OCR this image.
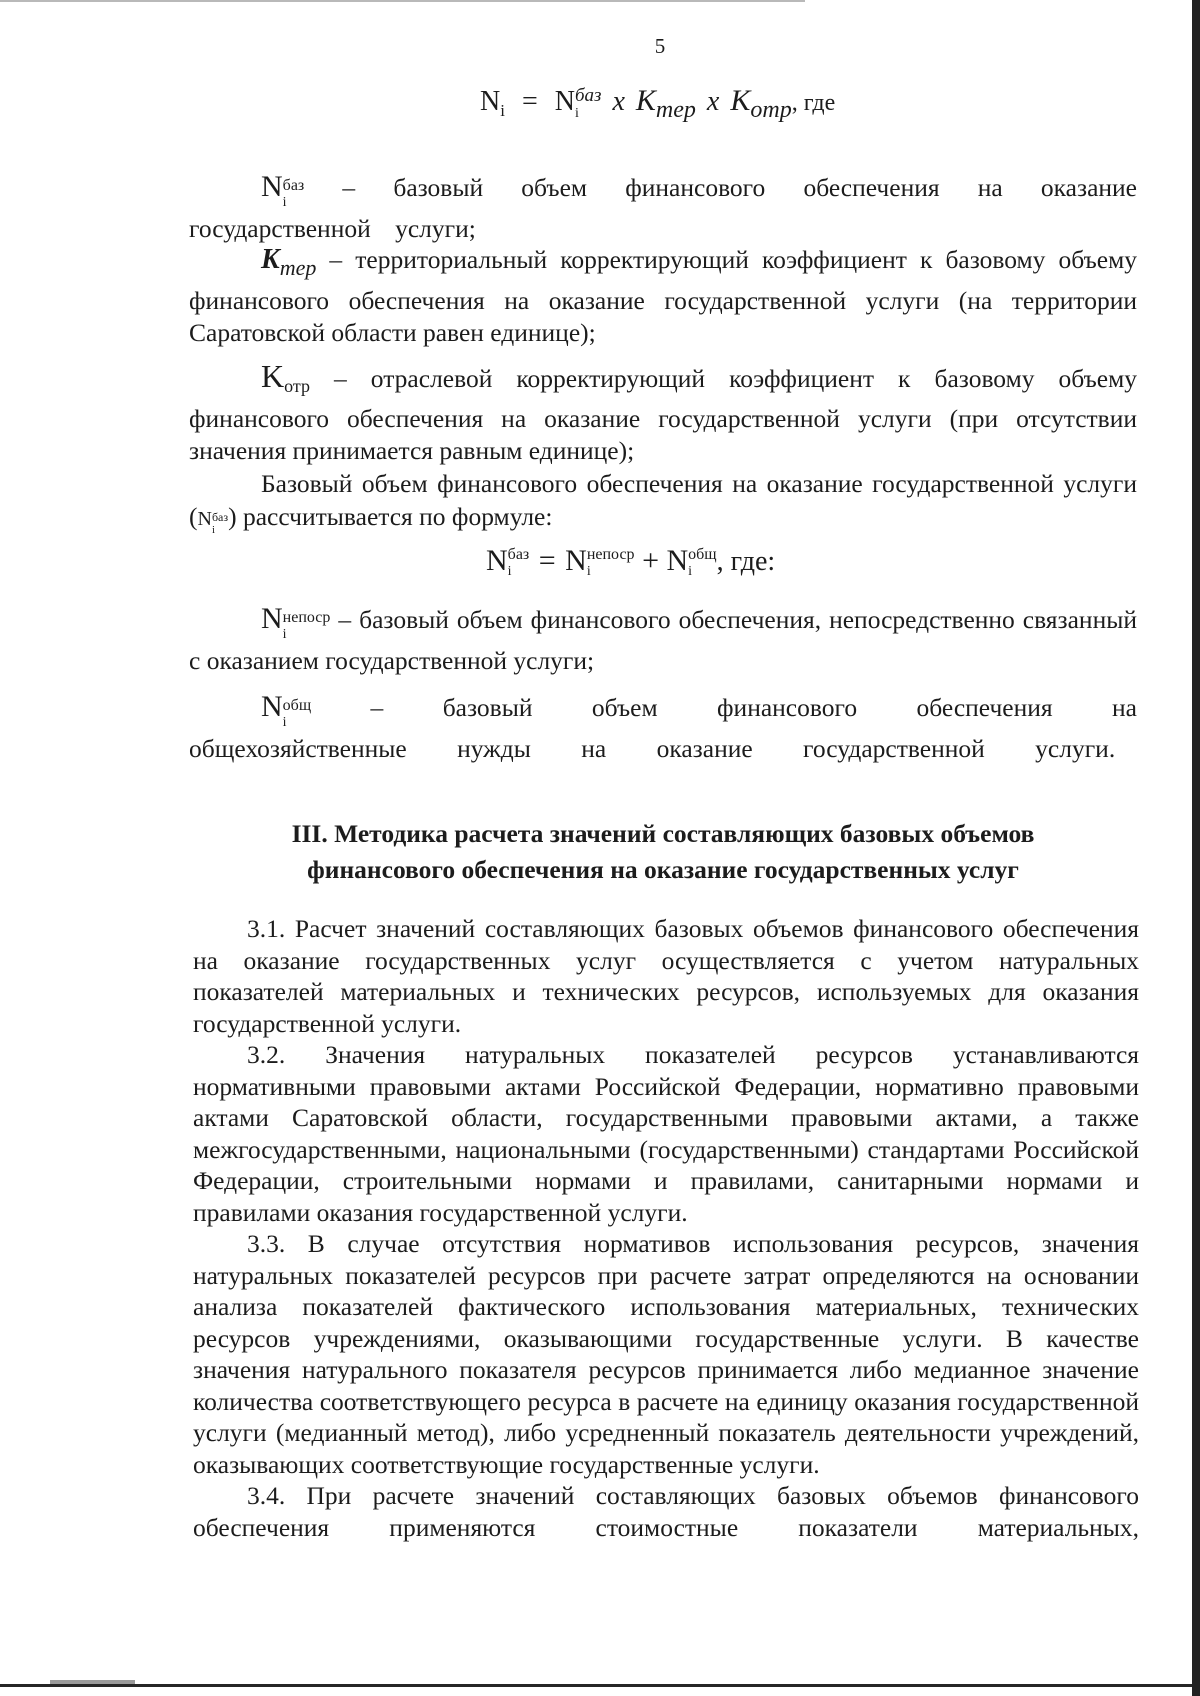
5
$N_i = N$ баз
i	x Kтер x Kотр, где
N баз
i
– базовый объем финансового обеспечения на оказание государственной услуги;
Kтер – территориальный корректирующий коэффициент к базовому объему финансового обеспечения на оказание государственной услуги (на территории Саратовской области равен единице);
Kотр – отраслевой корректирующий коэффициент к базовому объему финансового обеспечения на оказание государственной услуги (при отсутствии значения принимается равным единице);
Базовый объем финансового обеспечения на оказание государственной услуги (N баз
i ) рассчитывается по формуле:
N баз
i = N непоср
i	+ N общ
i , где:
N непоср
i
– базовый объем финансового обеспечения, непосредственно связанный с оказанием государственной услуги;
N общ
i
– базовый объем финансового обеспечения на общехозяйственные нужды на оказание государственной услуги.
III. Методика расчета значений составляющих базовых объемов
финансового обеспечения на оказание государственных услуг
3.1. Расчет значений составляющих базовых объемов финансового обеспечения на оказание государственных услуг осуществляется с учетом натуральных показателей материальных и технических ресурсов, используемых для оказания государственной услуги.
3.2. Значения натуральных показателей ресурсов устанавливаются нормативными правовыми актами Российской Федерации, нормативно правовыми актами Саратовской области, государственными правовыми актами, а также межгосударственными, национальными (государственными) стандартами Российской Федерации, строительными нормами и правилами, санитарными нормами и правилами оказания государственной услуги.
3.3. В случае отсутствия нормативов использования ресурсов, значения натуральных показателей ресурсов при расчете затрат определяются на основании анализа показателей фактического использования материальных, технических ресурсов учреждениями, оказывающими государственные услуги. В качестве значения натурального показателя ресурсов принимается либо медианное значение количества соответствующего ресурса в расчете на единицу оказания государственной услуги (медианный метод), либо усредненный показатель деятельности учреждений, оказывающих соответствующие государственные услуги.
3.4. При расчете значений составляющих базовых объемов финансового обеспечения применяются стоимостные показатели материальных,
